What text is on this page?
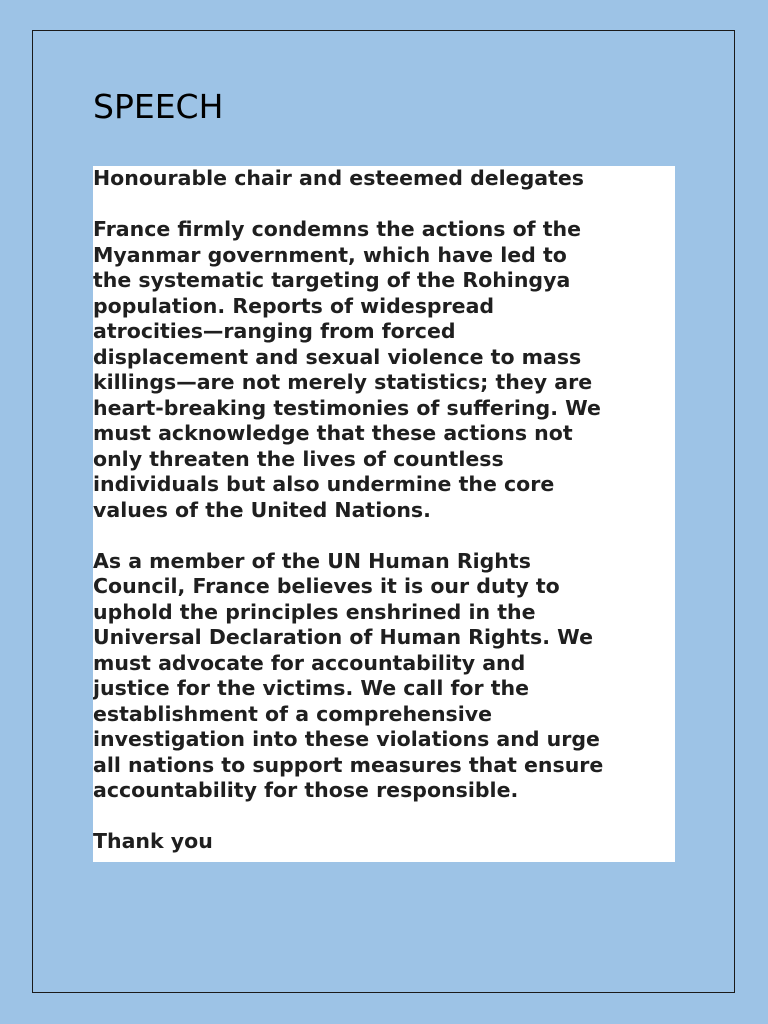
SPEECH

Honourable chair and esteemed delegates

France firmly condemns the actions of the
Myanmar government, which have led to
the systematic targeting of the Rohingya
population. Reports of widespread
atrocities—ranging from forced
displacement and sexual violence to mass
killings—are not merely statistics; they are
heart-breaking testimonies of suffering. We
must acknowledge that these actions not
only threaten the lives of countless
individuals but also undermine the core
values of the United Nations.

As a member of the UN Human Rights
Council, France believes it is our duty to
uphold the principles enshrined in the
Universal Declaration of Human Rights. We
must advocate for accountability and
justice for the victims. We call for the
establishment of a comprehensive
investigation into these violations and urge
all nations to support measures that ensure
accountability for those responsible.

Thank you
